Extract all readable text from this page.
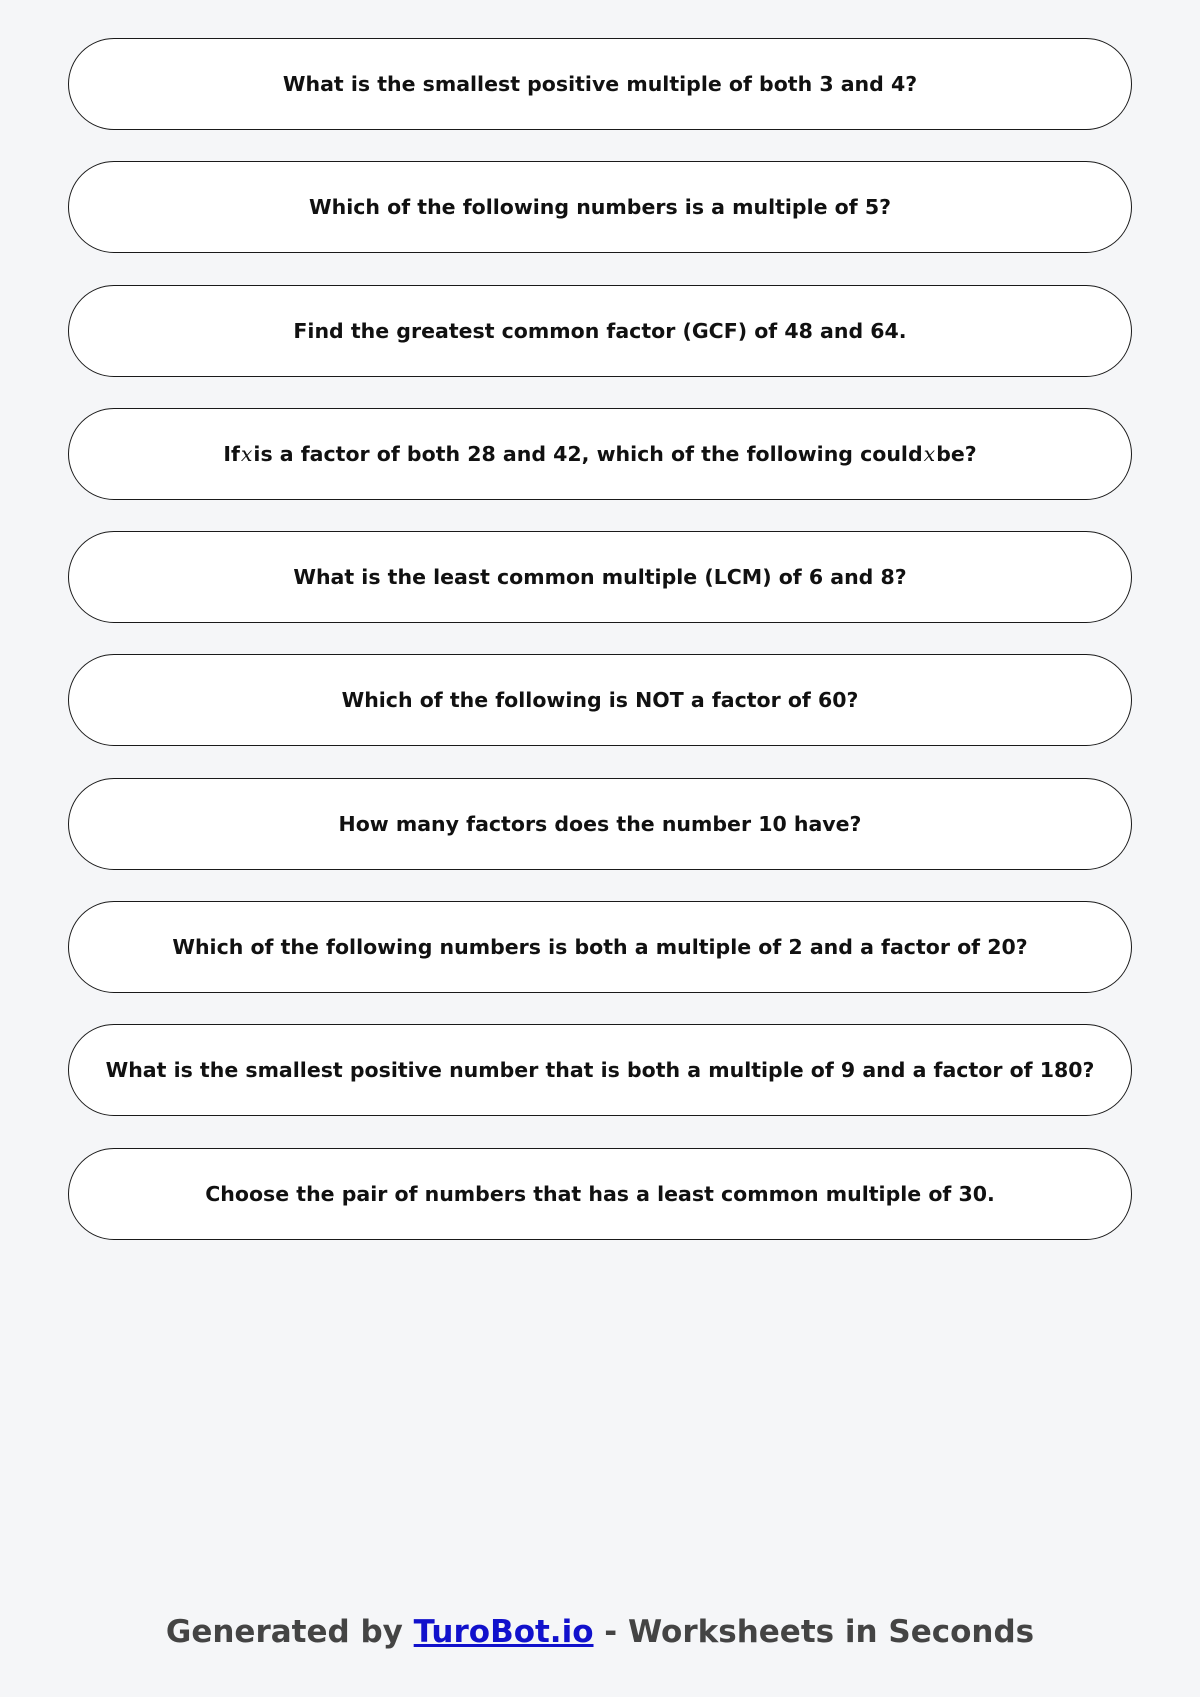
What is the smallest positive multiple of both 3 and 4?
Which of the following numbers is a multiple of 5?
Find the greatest common factor (GCF) of 48 and 64.
If x is a factor of both 28 and 42, which of the following could x be?
What is the least common multiple (LCM) of 6 and 8?
Which of the following is NOT a factor of 60?
How many factors does the number 10 have?
Which of the following numbers is both a multiple of 2 and a factor of 20?
What is the smallest positive number that is both a multiple of 9 and a factor of 180?
Choose the pair of numbers that has a least common multiple of 30.
Generated by TuroBot.io - Worksheets in Seconds
